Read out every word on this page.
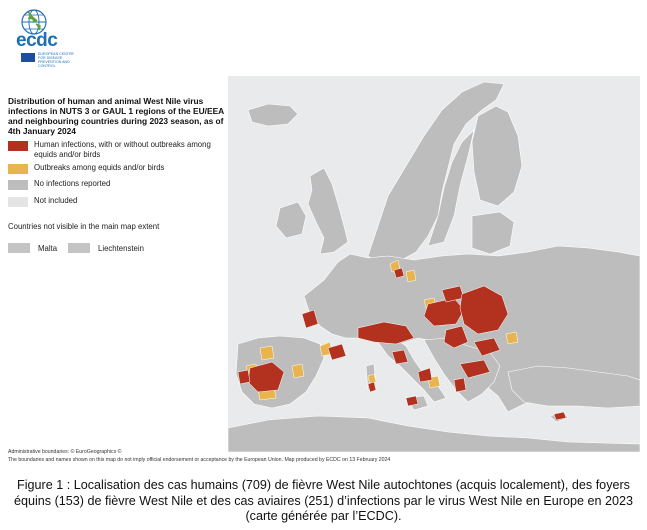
ecdc
EUROPEAN CENTRE FOR DISEASE PREVENTION AND CONTROL
Distribution of human and animal West Nile virus infections in NUTS 3 or GAUL 1 regions of the EU/EEA and neighbouring countries during 2023 season, as of 4th January 2024
Human infections, with or without outbreaks among equids and/or birds
Outbreaks among equids and/or birds
No infections reported
Not included
Countries not visible in the main map extent
Malta	Liechtenstein
Administrative boundaries: © EuroGeographics ©
The boundaries and names shown on this map do not imply official endorsement or acceptance by the European Union. Map produced by ECDC on 13 February 2024
Figure 1 : Localisation des cas humains (709) de fièvre West Nile autochtones (acquis localement), des foyers équins (153) de fièvre West Nile et des cas aviaires (251) d’infections par le virus West Nile en Europe en 2023 (carte générée par l’ECDC).
